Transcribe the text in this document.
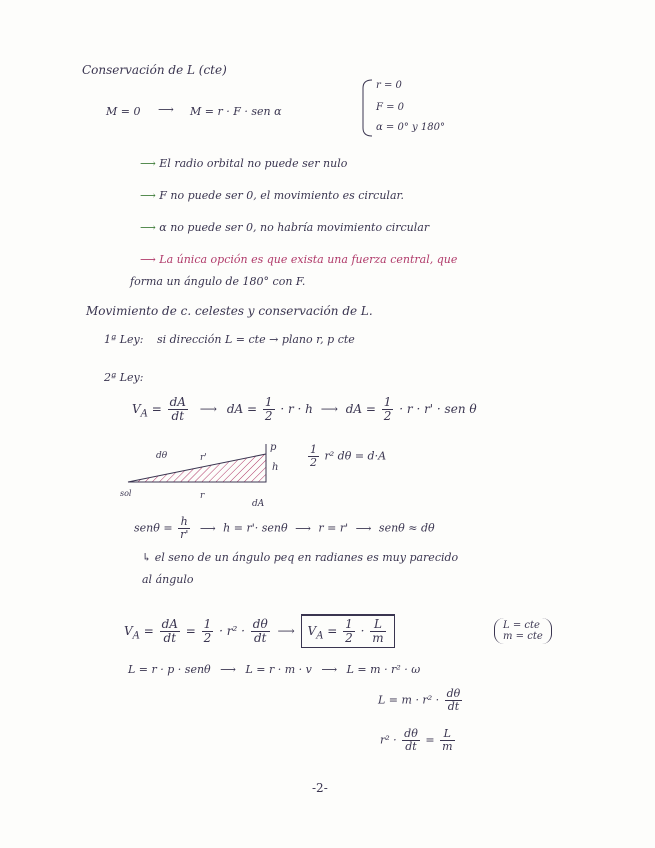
Conservación de L (cte)
M = 0 ⟶ M = r · F · sen α
r = 0
F = 0
α = 0° y 180°
⟶ El radio orbital no puede ser nulo
⟶ F no puede ser 0, el movimiento es circular.
⟶ α no puede ser 0, no habría movimiento circular
⟶ La única opción es que exista una fuerza central, que
forma un ángulo de 180° con F.
Movimiento de c. celestes y conservación de L.
1ª Ley: si dirección L = cte → plano r, p cte
2ª Ley:
$V_A = \frac{dA}{dt}$ ⟶ dA = $\frac{1}{2} \cdot r \cdot h$ ⟶ dA = $\frac{1}{2} \cdot r \cdot r'$ · sen θ
p
h
dθ	r'
sol	r
dA
$\frac{1}{2} r^2$ dθ = d·A
$sen\theta = \frac{h}{r'}$ ⟶ h = r'· senθ ⟶ r = r' ⟶ senθ ≈ dθ
↳ el seno de un ángulo peq en radianes es muy parecido
al ángulo
$V_A = \frac{dA}{dt} = \frac{1}{2} \cdot r^2 \cdot \frac{d\theta}{dt}$ ⟶ $V_A = \frac{1}{2} \cdot \frac{L}{m}$	L = cte
m = cte
L = r · p · senθ ⟶ L = r · m · v ⟶ L = m · r² · ω
$L = m \cdot r^2 \cdot \frac{d\theta}{dt}$
$r^2 \cdot \frac{d\theta}{dt} = \frac{L}{m}$
-2-
